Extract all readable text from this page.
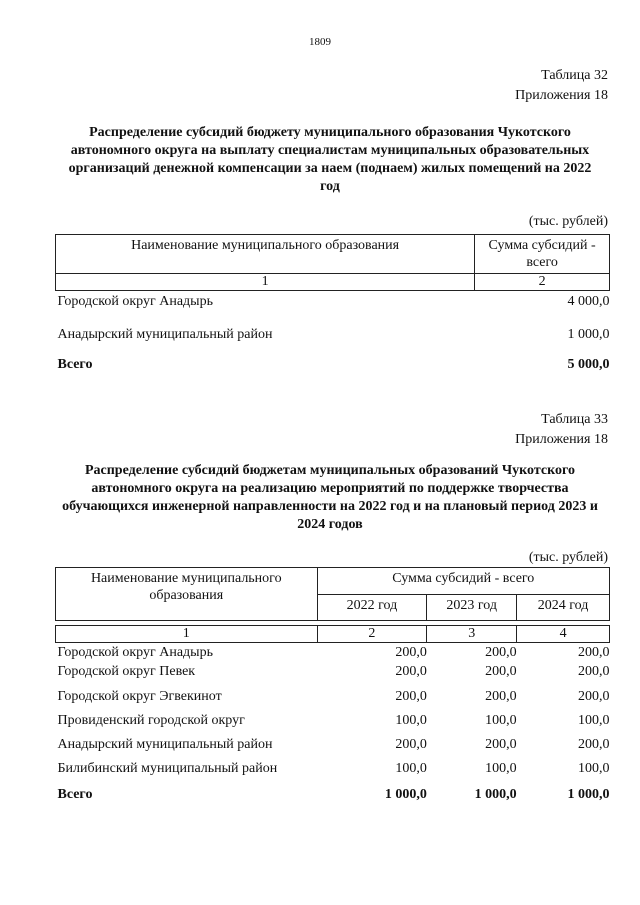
1809
Таблица 32
Приложения 18
Распределение субсидий бюджету муниципального образования Чукотского автономного округа на выплату специалистам муниципальных образовательных организаций денежной компенсации за наем (поднаем) жилых помещений на 2022 год
(тыс. рублей)
Наименование муниципального образования	Сумма субсидий - всего
1	2
Городской округ Анадырь	4 000,0
Анадырский муниципальный район	1 000,0
Всего	5 000,0
Таблица 33
Приложения 18
Распределение субсидий бюджетам муниципальных образований Чукотского автономного округа на реализацию мероприятий по поддержке творчества обучающихся инженерной направленности на 2022 год и на плановый период 2023 и 2024 годов
(тыс. рублей)
Наименование муниципального образования	Сумма субсидий - всего		
	2022 год	2023 год	2024 год

1	2	3	4
Городской округ Анадырь	200,0	200,0	200,0
Городской округ Певек	200,0	200,0	200,0
Городской округ Эгвекинот	200,0	200,0	200,0
Провиденский городской округ	100,0	100,0	100,0
Анадырский муниципальный район	200,0	200,0	200,0
Билибинский муниципальный район	100,0	100,0	100,0
Всего	1 000,0	1 000,0	1 000,0
